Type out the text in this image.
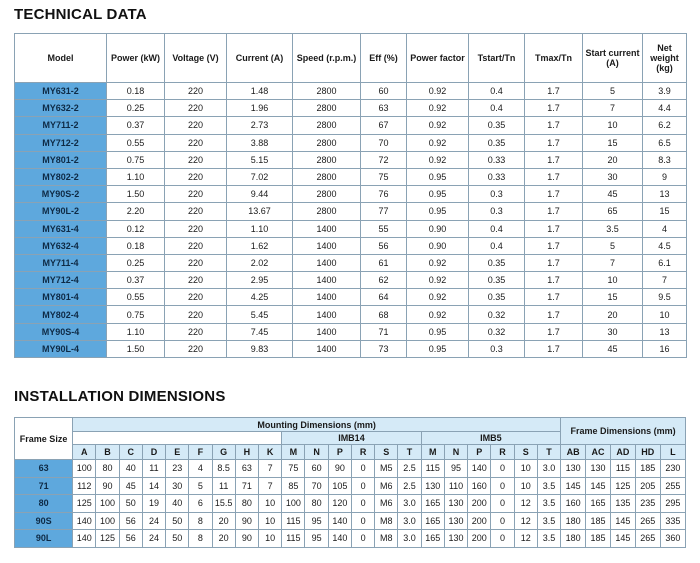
TECHNICAL DATA
Model	Power (kW)	Voltage (V)	Current (A)	Speed (r.p.m.)	Eff (%)	Power factor	Tstart/Tn	Tmax/Tn	Start current (A)	Net weight (kg)
MY631-2	0.18	220	1.48	2800	60	0.92	0.4	1.7	5	3.9
MY632-2	0.25	220	1.96	2800	63	0.92	0.4	1.7	7	4.4
MY711-2	0.37	220	2.73	2800	67	0.92	0.35	1.7	10	6.2
MY712-2	0.55	220	3.88	2800	70	0.92	0.35	1.7	15	6.5
MY801-2	0.75	220	5.15	2800	72	0.92	0.33	1.7	20	8.3
MY802-2	1.10	220	7.02	2800	75	0.95	0.33	1.7	30	9
MY90S-2	1.50	220	9.44	2800	76	0.95	0.3	1.7	45	13
MY90L-2	2.20	220	13.67	2800	77	0.95	0.3	1.7	65	15
MY631-4	0.12	220	1.10	1400	55	0.90	0.4	1.7	3.5	4
MY632-4	0.18	220	1.62	1400	56	0.90	0.4	1.7	5	4.5
MY711-4	0.25	220	2.02	1400	61	0.92	0.35	1.7	7	6.1
MY712-4	0.37	220	2.95	1400	62	0.92	0.35	1.7	10	7
MY801-4	0.55	220	4.25	1400	64	0.92	0.35	1.7	15	9.5
MY802-4	0.75	220	5.45	1400	68	0.92	0.32	1.7	20	10
MY90S-4	1.10	220	7.45	1400	71	0.95	0.32	1.7	30	13
MY90L-4	1.50	220	9.83	1400	73	0.95	0.3	1.7	45	16
INSTALLATION DIMENSIONS
Frame Size	Mounting Dimensions (mm)																					Frame Dimensions (mm)				
										IMB14						IMB5										
	A	B	C	D	E	F	G	H	K	M	N	P	R	S	T	M	N	P	R	S	T	AB	AC	AD	HD	L
63	100	80	40	11	23	4	8.5	63	7	75	60	90	0	M5	2.5	115	95	140	0	10	3.0	130	130	115	185	230
71	112	90	45	14	30	5	11	71	7	85	70	105	0	M6	2.5	130	110	160	0	10	3.5	145	145	125	205	255
80	125	100	50	19	40	6	15.5	80	10	100	80	120	0	M6	3.0	165	130	200	0	12	3.5	160	165	135	235	295
90S	140	100	56	24	50	8	20	90	10	115	95	140	0	M8	3.0	165	130	200	0	12	3.5	180	185	145	265	335
90L	140	125	56	24	50	8	20	90	10	115	95	140	0	M8	3.0	165	130	200	0	12	3.5	180	185	145	265	360
